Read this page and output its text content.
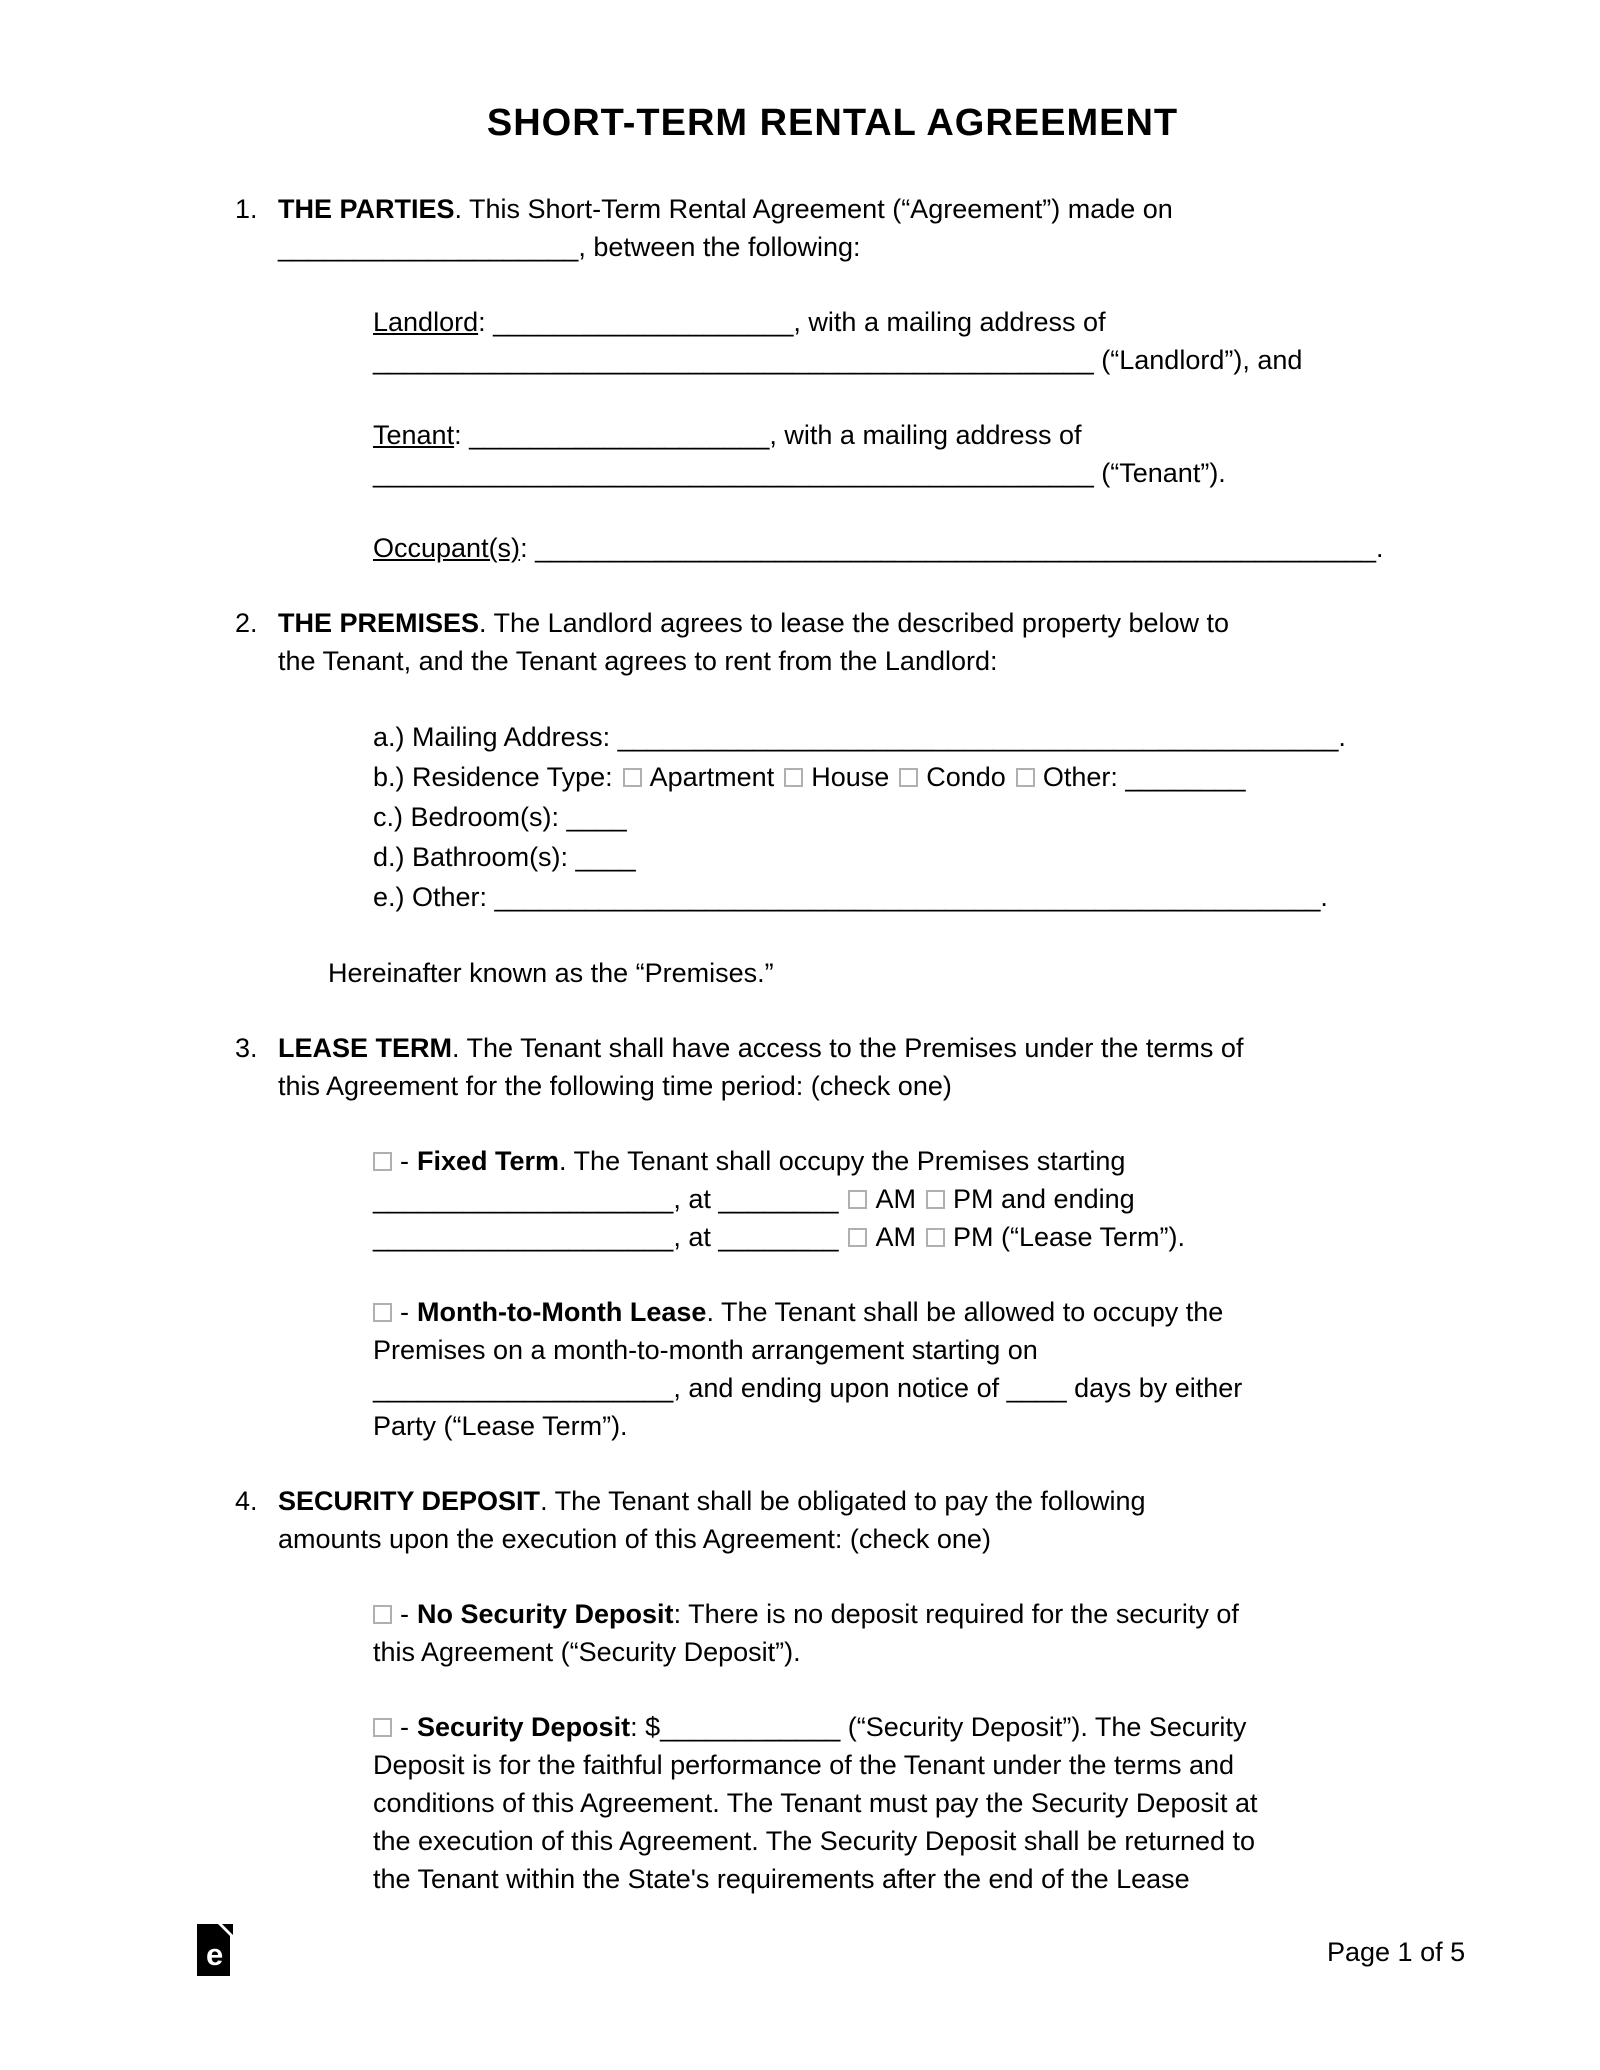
SHORT-TERM RENTAL AGREEMENT
1. THE PARTIES. This Short-Term Rental Agreement (“Agreement”) made on
____________________, between the following:
Landlord: ____________________, with a mailing address of
________________________________________________ (“Landlord”), and
Tenant: ____________________, with a mailing address of
________________________________________________ (“Tenant”).
Occupant(s): ________________________________________________________.
2. THE PREMISES. The Landlord agrees to lease the described property below to
the Tenant, and the Tenant agrees to rent from the Landlord:
a.) Mailing Address: ________________________________________________.
b.) Residence Type: Apartment House Condo Other: ________
c.) Bedroom(s): ____
d.) Bathroom(s): ____
e.) Other: _______________________________________________________.
Hereinafter known as the “Premises.”
3. LEASE TERM. The Tenant shall have access to the Premises under the terms of
this Agreement for the following time period: (check one)
- Fixed Term. The Tenant shall occupy the Premises starting
____________________, at ________ AM PM and ending
____________________, at ________ AM PM (“Lease Term”).
- Month-to-Month Lease. The Tenant shall be allowed to occupy the
Premises on a month-to-month arrangement starting on
____________________, and ending upon notice of ____ days by either
Party (“Lease Term”).
4. SECURITY DEPOSIT. The Tenant shall be obligated to pay the following
amounts upon the execution of this Agreement: (check one)
- No Security Deposit: There is no deposit required for the security of
this Agreement (“Security Deposit”).
- Security Deposit: $____________ (“Security Deposit”). The Security
Deposit is for the faithful performance of the Tenant under the terms and
conditions of this Agreement. The Tenant must pay the Security Deposit at
the execution of this Agreement. The Security Deposit shall be returned to
the Tenant within the State's requirements after the end of the Lease
e	Page 1 of 5
